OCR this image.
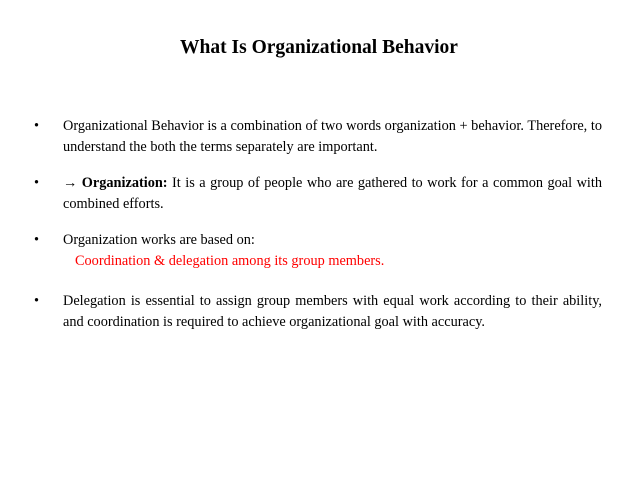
What Is Organizational Behavior
•	Organizational Behavior is a combination of two words organization + behavior. Therefore, to understand the both the terms separately are important.
•	→ Organization: It is a group of people who are gathered to work for a common goal with combined efforts.
•	Organization works are based on:
Coordination & delegation among its group members.
•	Delegation is essential to assign group members with equal work according to their ability, and coordination is required to achieve organizational goal with accuracy.
